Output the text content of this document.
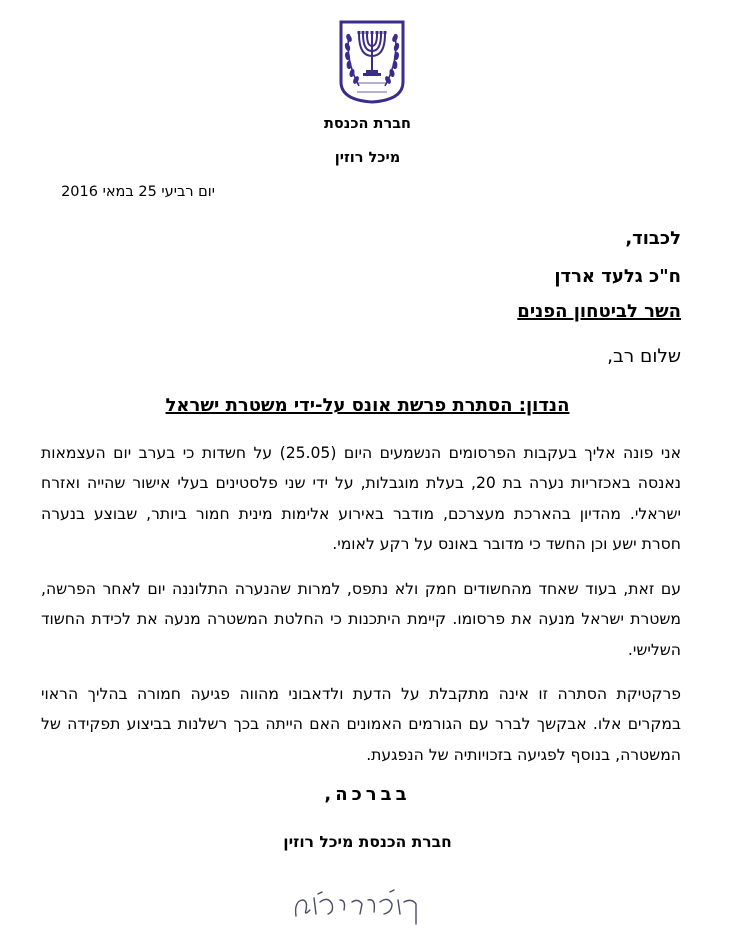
חברת הכנסת
מיכל רוזין
יום רביעי 25 במאי 2016
לכבוד,
ח"כ גלעד ארדן
השר לביטחון הפנים
שלום רב,
הנדון: הסתרת פרשת אונס על-ידי משטרת ישראל
אני פונה אליך בעקבות הפרסומים הנשמעים היום (25.05) על חשדות כי בערב יום העצמאות נאנסה באכזריות נערה בת 20, בעלת מוגבלות, על ידי שני פלסטינים בעלי אישור שהייה ואזרח ישראלי. מהדיון בהארכת מעצרכם, מודבר באירוע אלימות מינית חמור ביותר, שבוצע בנערה חסרת ישע וכן החשד כי מדובר באונס על רקע לאומי.
עם זאת, בעוד שאחד מהחשודים חמק ולא נתפס, למרות שהנערה התלוננה יום לאחר הפרשה, משטרת ישראל מנעה את פרסומו. קיימת היתכנות כי החלטת המשטרה מנעה את לכידת החשוד השלישי.
פרקטיקת הסתרה זו אינה מתקבלת על הדעת ולדאבוני מהווה פגיעה חמורה בהליך הראוי במקרים אלו. אבקשך לברר עם הגורמים האמונים האם הייתה בכך רשלנות בביצוע תפקידה של המשטרה, בנוסף לפגיעה בזכויותיה של הנפגעת.
בברכה,
חברת הכנסת מיכל רוזין
